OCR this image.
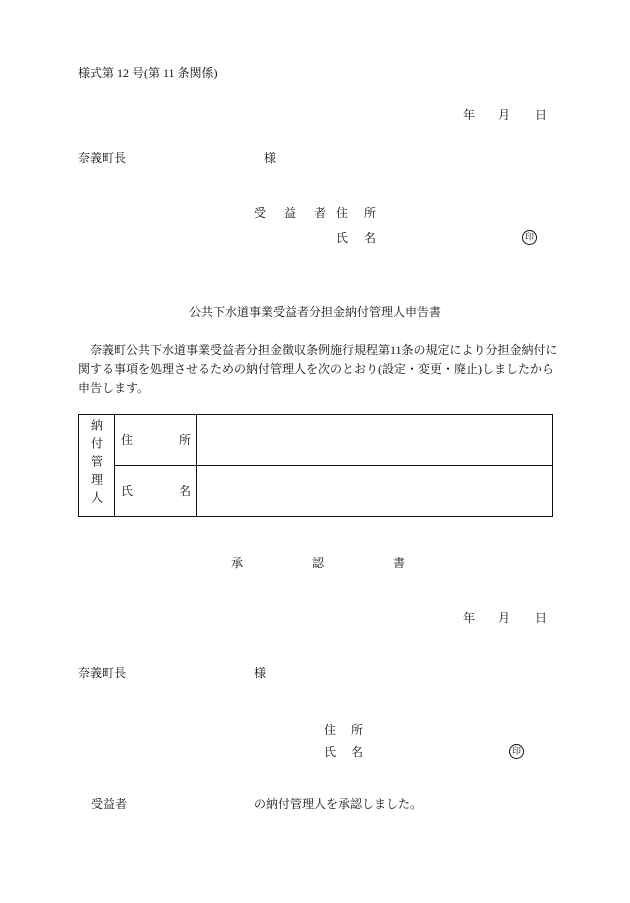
様式第 12 号(第 11 条関係)
年 月 日
奈義町長	様
受益者
住所
氏名	印
公共下水道事業受益者分担金納付管理人申告書
奈義町公共下水道事業受益者分担金徴収条例施行規程第11条の規定により分担金納付に
関する事項を処理させるための納付管理人を次のとおり(設定・変更・廃止)しましたから
申告します。
納付管理人	住所	
	氏名	
承認書
年 月 日
奈義町長	様
住所
氏名	印
受益者	の納付管理人を承認しました。
